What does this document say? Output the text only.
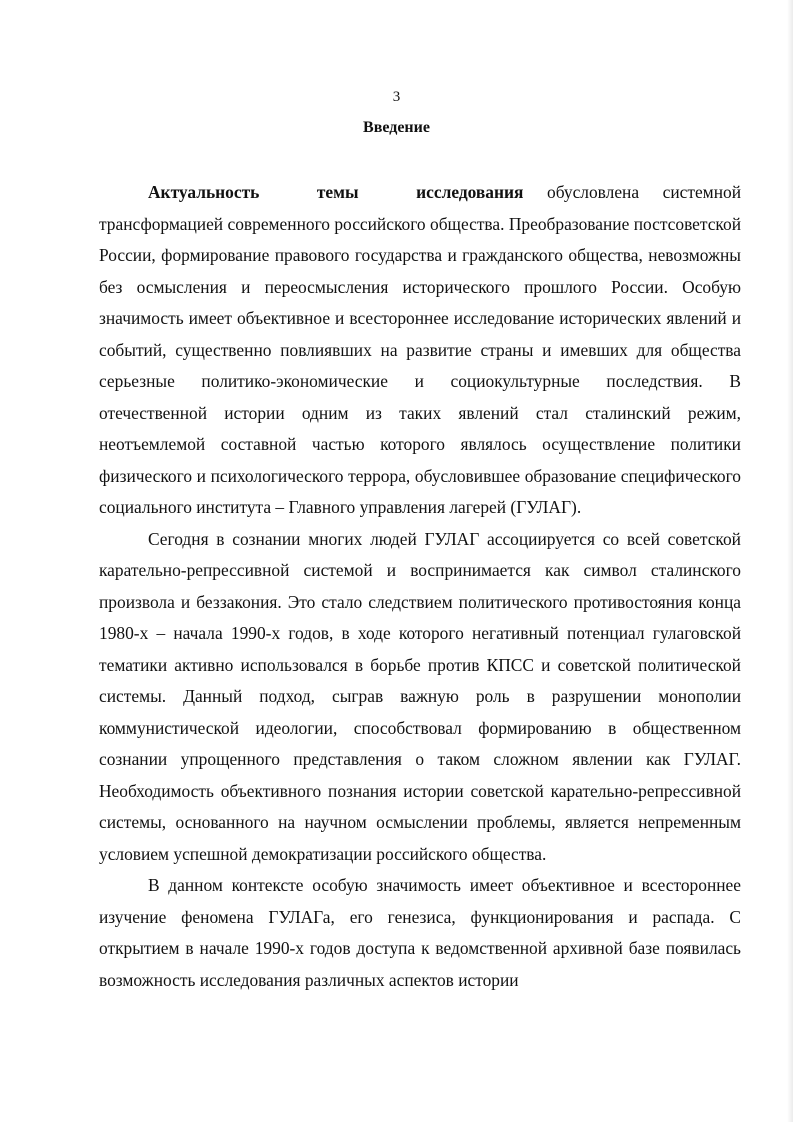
3
Введение

Актуальность темы исследования обусловлена системной трансформацией современного российского общества. Преобразование постсоветской России, формирование правового государства и гражданского общества, невозможны без осмысления и переосмысления исторического прошлого России. Особую значимость имеет объективное и всестороннее исследование исторических явлений и событий, существенно повлиявших на развитие страны и имевших для общества серьезные политико-экономические и социокультурные последствия. В отечественной истории одним из таких явлений стал сталинский режим, неотъемлемой составной частью которого являлось осуществление политики физического и психологического террора, обусловившее образование специфического социального института – Главного управления лагерей (ГУЛАГ).

Сегодня в сознании многих людей ГУЛАГ ассоциируется со всей советской карательно-репрессивной системой и воспринимается как символ сталинского произвола и беззакония. Это стало следствием политического противостояния конца 1980-х – начала 1990-х годов, в ходе которого негативный потенциал гулаговской тематики активно использовался в борьбе против КПСС и советской политической системы. Данный подход, сыграв важную роль в разрушении монополии коммунистической идеологии, способствовал формированию в общественном сознании упрощенного представления о таком сложном явлении как ГУЛАГ. Необходимость объективного познания истории советской карательно-репрессивной системы, основанного на научном осмыслении проблемы, является непременным условием успешной демократизации российского общества.

В данном контексте особую значимость имеет объективное и всестороннее изучение феномена ГУЛАГа, его генезиса, функционирования и распада. С открытием в начале 1990-х годов доступа к ведомственной архивной базе появилась возможность исследования различных аспектов истории
